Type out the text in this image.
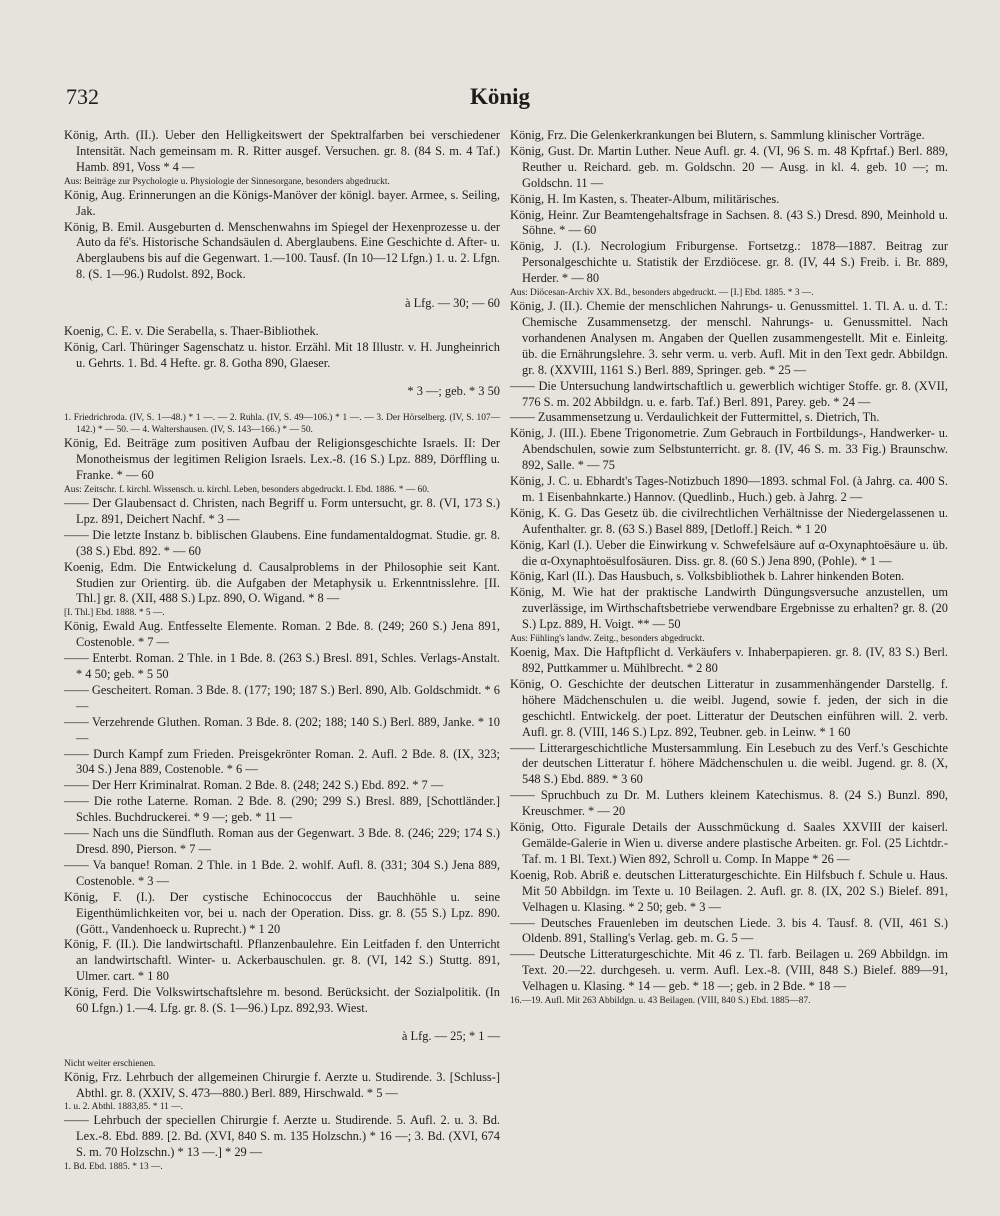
732	König

König, Arth. (II.). Ueber den Helligkeitswert der Spektralfarben bei verschiedener Intensität. Nach gemeinsam m. R. Ritter ausgef. Versuchen. gr. 8. (84 S. m. 4 Taf.) Hamb. 891, Voss * 4 —

Aus: Beiträge zur Psychologie u. Physiologie der Sinnesorgane, besonders abgedruckt.

König, Aug. Erinnerungen an die Königs-Manöver der königl. bayer. Armee, s. Seiling, Jak.

König, B. Emil. Ausgeburten d. Menschenwahns im Spiegel der Hexenprozesse u. der Auto da fé's. Historische Schandsäulen d. Aberglaubens. Eine Geschichte d. After- u. Aberglaubens bis auf die Gegenwart. 1.—100. Tausf. (In 10—12 Lfgn.) 1. u. 2. Lfgn. 8. (S. 1—96.) Rudolst. 892, Bock.

à Lfg. — 30; — 60

Koenig, C. E. v. Die Serabella, s. Thaer-Bibliothek.

König, Carl. Thüringer Sagenschatz u. histor. Erzähl. Mit 18 Illustr. v. H. Jungheinrich u. Gehrts. 1. Bd. 4 Hefte. gr. 8. Gotha 890, Glaeser.

* 3 —; geb. * 3 50

1. Friedrichroda. (IV, S. 1—48.) * 1 —. — 2. Ruhla. (IV, S. 49—106.) * 1 —. — 3. Der Hörselberg. (IV, S. 107—142.) * — 50. — 4. Waltershausen. (IV, S. 143—166.) * — 50.

König, Ed. Beiträge zum positiven Aufbau der Religionsgeschichte Israels. II: Der Monotheismus der legitimen Religion Israels. Lex.-8. (16 S.) Lpz. 889, Dörffling u. Franke. * — 60

Aus: Zeitschr. f. kirchl. Wissensch. u. kirchl. Leben, besonders abgedruckt. I. Ebd. 1886. * — 60.

—— Der Glaubensact d. Christen, nach Begriff u. Form untersucht, gr. 8. (VI, 173 S.) Lpz. 891, Deichert Nachf. * 3 —

—— Die letzte Instanz b. biblischen Glaubens. Eine fundamentaldogmat. Studie. gr. 8. (38 S.) Ebd. 892. * — 60

Koenig, Edm. Die Entwickelung d. Causalproblems in der Philosophie seit Kant. Studien zur Orientirg. üb. die Aufgaben der Metaphysik u. Erkenntnisslehre. [II. Thl.] gr. 8. (XII, 488 S.) Lpz. 890, O. Wigand. * 8 —

[I. Thl.] Ebd. 1888. * 5 —.

König, Ewald Aug. Entfesselte Elemente. Roman. 2 Bde. 8. (249; 260 S.) Jena 891, Costenoble. * 7 —

—— Enterbt. Roman. 2 Thle. in 1 Bde. 8. (263 S.) Bresl. 891, Schles. Verlags-Anstalt. * 4 50; geb. * 5 50

—— Gescheitert. Roman. 3 Bde. 8. (177; 190; 187 S.) Berl. 890, Alb. Goldschmidt. * 6 —

—— Verzehrende Gluthen. Roman. 3 Bde. 8. (202; 188; 140 S.) Berl. 889, Janke. * 10 —

—— Durch Kampf zum Frieden. Preisgekrönter Roman. 2. Aufl. 2 Bde. 8. (IX, 323; 304 S.) Jena 889, Costenoble. * 6 —

—— Der Herr Kriminalrat. Roman. 2 Bde. 8. (248; 242 S.) Ebd. 892. * 7 —

—— Die rothe Laterne. Roman. 2 Bde. 8. (290; 299 S.) Bresl. 889, [Schottländer.] Schles. Buchdruckerei. * 9 —; geb. * 11 —

—— Nach uns die Sündfluth. Roman aus der Gegenwart. 3 Bde. 8. (246; 229; 174 S.) Dresd. 890, Pierson. * 7 —

—— Va banque! Roman. 2 Thle. in 1 Bde. 2. wohlf. Aufl. 8. (331; 304 S.) Jena 889, Costenoble. * 3 —

König, F. (I.). Der cystische Echinococcus der Bauchhöhle u. seine Eigenthümlichkeiten vor, bei u. nach der Operation. Diss. gr. 8. (55 S.) Lpz. 890. (Gött., Vandenhoeck u. Ruprecht.) * 1 20

König, F. (II.). Die landwirtschaftl. Pflanzenbaulehre. Ein Leitfaden f. den Unterricht an landwirtschaftl. Winter- u. Ackerbauschulen. gr. 8. (VI, 142 S.) Stuttg. 891, Ulmer. cart. * 1 80

König, Ferd. Die Volkswirtschaftslehre m. besond. Berücksicht. der Sozialpolitik. (In 60 Lfgn.) 1.—4. Lfg. gr. 8. (S. 1—96.) Lpz. 892,93. Wiest.

à Lfg. — 25; * 1 —

Nicht weiter erschienen.

König, Frz. Lehrbuch der allgemeinen Chirurgie f. Aerzte u. Studirende. 3. [Schluss-] Abthl. gr. 8. (XXIV, S. 473—880.) Berl. 889, Hirschwald. * 5 —

1. u. 2. Abthl. 1883,85. * 11 —.

—— Lehrbuch der speciellen Chirurgie f. Aerzte u. Studirende. 5. Aufl. 2. u. 3. Bd. Lex.-8. Ebd. 889. [2. Bd. (XVI, 840 S. m. 135 Holzschn.) * 16 —; 3. Bd. (XVI, 674 S. m. 70 Holzschn.) * 13 —.] * 29 —

1. Bd. Ebd. 1885. * 13 —.

König, Frz. Die Gelenkerkrankungen bei Blutern, s. Sammlung klinischer Vorträge.

König, Gust. Dr. Martin Luther. Neue Aufl. gr. 4. (VI, 96 S. m. 48 Kpfrtaf.) Berl. 889, Reuther u. Reichard. geb. m. Goldschn. 20 — Ausg. in kl. 4. geb. 10 —; m. Goldschn. 11 —

König, H. Im Kasten, s. Theater-Album, militärisches.

König, Heinr. Zur Beamtengehaltsfrage in Sachsen. 8. (43 S.) Dresd. 890, Meinhold u. Söhne. * — 60

König, J. (I.). Necrologium Friburgense. Fortsetzg.: 1878—1887. Beitrag zur Personalgeschichte u. Statistik der Erzdiöcese. gr. 8. (IV, 44 S.) Freib. i. Br. 889, Herder. * — 80

Aus: Diöcesan-Archiv XX. Bd., besonders abgedruckt. — [I.] Ebd. 1885. * 3 —.

König, J. (II.). Chemie der menschlichen Nahrungs- u. Genussmittel. 1. Tl. A. u. d. T.: Chemische Zusammensetzg. der menschl. Nahrungs- u. Genussmittel. Nach vorhandenen Analysen m. Angaben der Quellen zusammengestellt. Mit e. Einleitg. üb. die Ernährungslehre. 3. sehr verm. u. verb. Aufl. Mit in den Text gedr. Abbildgn. gr. 8. (XXVIII, 1161 S.) Berl. 889, Springer. geb. * 25 —

—— Die Untersuchung landwirtschaftlich u. gewerblich wichtiger Stoffe. gr. 8. (XVII, 776 S. m. 202 Abbildgn. u. e. farb. Taf.) Berl. 891, Parey. geb. * 24 —

—— Zusammensetzung u. Verdaulichkeit der Futtermittel, s. Dietrich, Th.

König, J. (III.). Ebene Trigonometrie. Zum Gebrauch in Fortbildungs-, Handwerker- u. Abendschulen, sowie zum Selbstunterricht. gr. 8. (IV, 46 S. m. 33 Fig.) Braunschw. 892, Salle. * — 75

König, J. C. u. Ebhardt's Tages-Notizbuch 1890—1893. schmal Fol. (à Jahrg. ca. 400 S. m. 1 Eisenbahnkarte.) Hannov. (Quedlinb., Huch.) geb. à Jahrg. 2 —

König, K. G. Das Gesetz üb. die civilrechtlichen Verhältnisse der Niedergelassenen u. Aufenthalter. gr. 8. (63 S.) Basel 889, [Detloff.] Reich. * 1 20

König, Karl (I.). Ueber die Einwirkung v. Schwefelsäure auf α-Oxynaphtoësäure u. üb. die α-Oxynaphtoësulfosäuren. Diss. gr. 8. (60 S.) Jena 890, (Pohle). * 1 —

König, Karl (II.). Das Hausbuch, s. Volksbibliothek b. Lahrer hinkenden Boten.

König, M. Wie hat der praktische Landwirth Düngungsversuche anzustellen, um zuverlässige, im Wirthschaftsbetriebe verwendbare Ergebnisse zu erhalten? gr. 8. (20 S.) Lpz. 889, H. Voigt. ** — 50

Aus: Fühling's landw. Zeitg., besonders abgedruckt.

Koenig, Max. Die Haftpflicht d. Verkäufers v. Inhaberpapieren. gr. 8. (IV, 83 S.) Berl. 892, Puttkammer u. Mühlbrecht. * 2 80

König, O. Geschichte der deutschen Litteratur in zusammenhängender Darstellg. f. höhere Mädchenschulen u. die weibl. Jugend, sowie f. jeden, der sich in die geschichtl. Entwickelg. der poet. Litteratur der Deutschen einführen will. 2. verb. Aufl. gr. 8. (VIII, 146 S.) Lpz. 892, Teubner. geb. in Leinw. * 1 60

—— Litterargeschichtliche Mustersammlung. Ein Lesebuch zu des Verf.'s Geschichte der deutschen Litteratur f. höhere Mädchenschulen u. die weibl. Jugend. gr. 8. (X, 548 S.) Ebd. 889. * 3 60

—— Spruchbuch zu Dr. M. Luthers kleinem Katechismus. 8. (24 S.) Bunzl. 890, Kreuschmer. * — 20

König, Otto. Figurale Details der Ausschmückung d. Saales XXVIII der kaiserl. Gemälde-Galerie in Wien u. diverse andere plastische Arbeiten. gr. Fol. (25 Lichtdr.-Taf. m. 1 Bl. Text.) Wien 892, Schroll u. Comp. In Mappe * 26 —

Koenig, Rob. Abriß e. deutschen Litteraturgeschichte. Ein Hilfsbuch f. Schule u. Haus. Mit 50 Abbildgn. im Texte u. 10 Beilagen. 2. Aufl. gr. 8. (IX, 202 S.) Bielef. 891, Velhagen u. Klasing. * 2 50; geb. * 3 —

—— Deutsches Frauenleben im deutschen Liede. 3. bis 4. Tausf. 8. (VII, 461 S.) Oldenb. 891, Stalling's Verlag. geb. m. G. 5 —

—— Deutsche Litteraturgeschichte. Mit 46 z. Tl. farb. Beilagen u. 269 Abbildgn. im Text. 20.—22. durchgeseh. u. verm. Aufl. Lex.-8. (VIII, 848 S.) Bielef. 889—91, Velhagen u. Klasing. * 14 — geb. * 18 —; geb. in 2 Bde. * 18 —

16.—19. Aufl. Mit 263 Abbildgn. u. 43 Beilagen. (VIII, 840 S.) Ebd. 1885—87.
